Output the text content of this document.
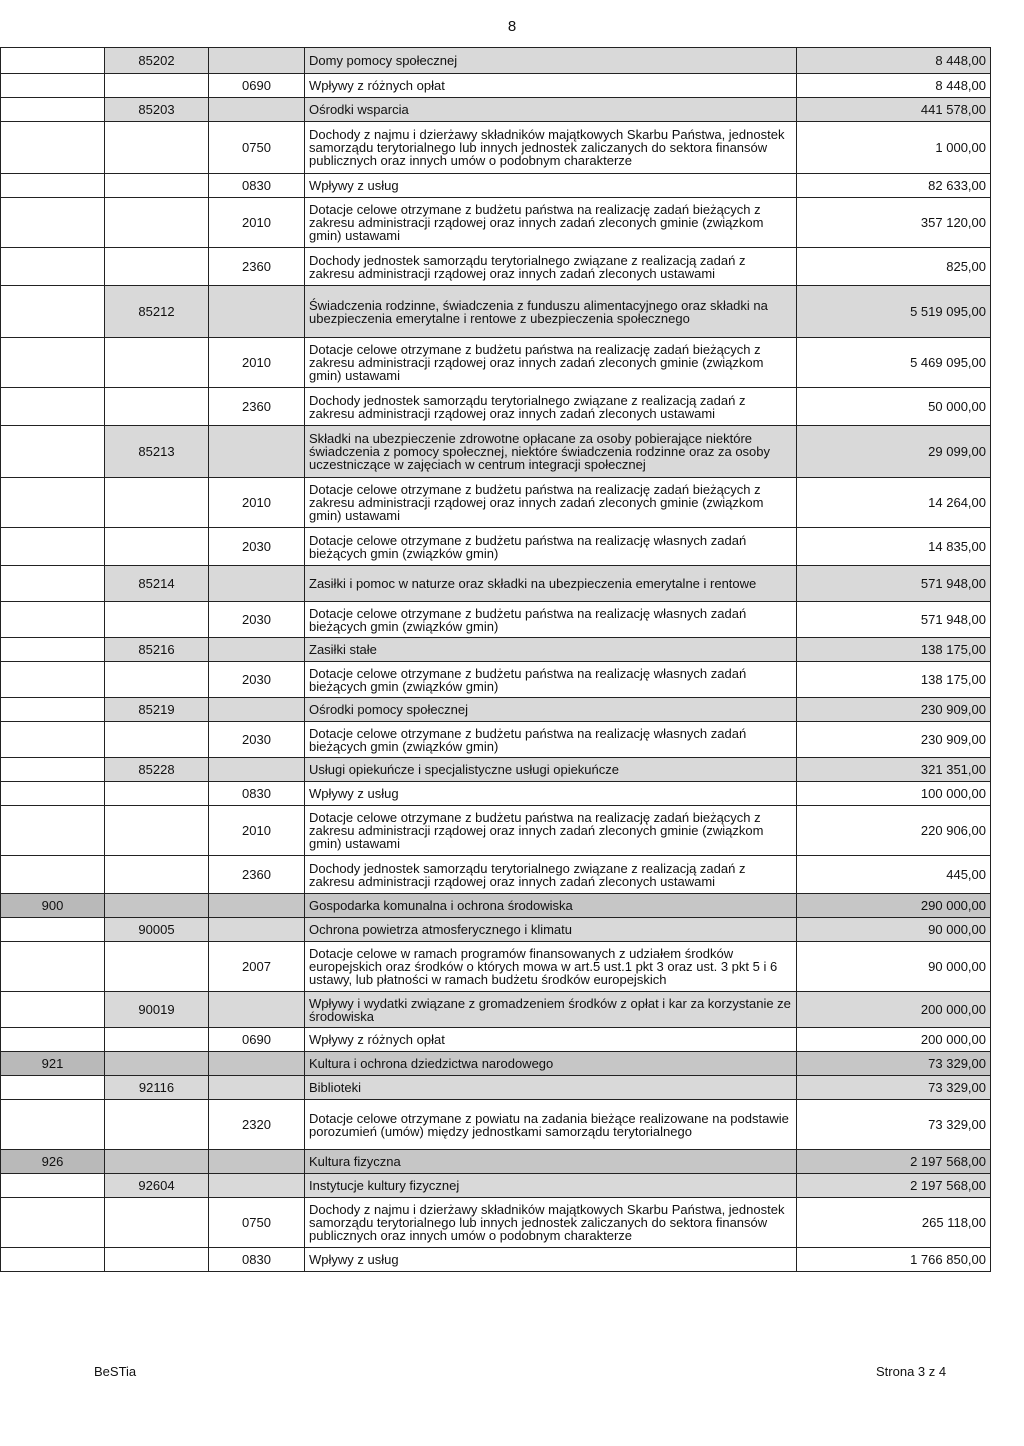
8
	85202		Domy pomocy społecznej	8 448,00
		0690	Wpływy z różnych opłat	8 448,00
	85203		Ośrodki wsparcia	441 578,00
		0750	Dochody z najmu i dzierżawy składników majątkowych Skarbu Państwa, jednostek samorządu terytorialnego lub innych jednostek zaliczanych do sektora finansów publicznych oraz innych umów o podobnym charakterze	1 000,00
		0830	Wpływy z usług	82 633,00
		2010	Dotacje celowe otrzymane z budżetu państwa na realizację zadań bieżących z zakresu administracji rządowej oraz innych zadań zleconych gminie (związkom gmin) ustawami	357 120,00
		2360	Dochody jednostek samorządu terytorialnego związane z realizacją zadań z zakresu administracji rządowej oraz innych zadań zleconych ustawami	825,00
	85212		Świadczenia rodzinne, świadczenia z funduszu alimentacyjnego oraz składki na ubezpieczenia emerytalne i rentowe z ubezpieczenia społecznego	5 519 095,00
		2010	Dotacje celowe otrzymane z budżetu państwa na realizację zadań bieżących z zakresu administracji rządowej oraz innych zadań zleconych gminie (związkom gmin) ustawami	5 469 095,00
		2360	Dochody jednostek samorządu terytorialnego związane z realizacją zadań z zakresu administracji rządowej oraz innych zadań zleconych ustawami	50 000,00
	85213		Składki na ubezpieczenie zdrowotne opłacane za osoby pobierające niektóre świadczenia z pomocy społecznej, niektóre świadczenia rodzinne oraz za osoby uczestniczące w zajęciach w centrum integracji społecznej	29 099,00
		2010	Dotacje celowe otrzymane z budżetu państwa na realizację zadań bieżących z zakresu administracji rządowej oraz innych zadań zleconych gminie (związkom gmin) ustawami	14 264,00
		2030	Dotacje celowe otrzymane z budżetu państwa na realizację własnych zadań bieżących gmin (związków gmin)	14 835,00
	85214		Zasiłki i pomoc w naturze oraz składki na ubezpieczenia emerytalne i rentowe	571 948,00
		2030	Dotacje celowe otrzymane z budżetu państwa na realizację własnych zadań bieżących gmin (związków gmin)	571 948,00
	85216		Zasiłki stałe	138 175,00
		2030	Dotacje celowe otrzymane z budżetu państwa na realizację własnych zadań bieżących gmin (związków gmin)	138 175,00
	85219		Ośrodki pomocy społecznej	230 909,00
		2030	Dotacje celowe otrzymane z budżetu państwa na realizację własnych zadań bieżących gmin (związków gmin)	230 909,00
	85228		Usługi opiekuńcze i specjalistyczne usługi opiekuńcze	321 351,00
		0830	Wpływy z usług	100 000,00
		2010	Dotacje celowe otrzymane z budżetu państwa na realizację zadań bieżących z zakresu administracji rządowej oraz innych zadań zleconych gminie (związkom gmin) ustawami	220 906,00
		2360	Dochody jednostek samorządu terytorialnego związane z realizacją zadań z zakresu administracji rządowej oraz innych zadań zleconych ustawami	445,00
900			Gospodarka komunalna i ochrona środowiska	290 000,00
	90005		Ochrona powietrza atmosferycznego i klimatu	90 000,00
		2007	Dotacje celowe w ramach programów finansowanych z udziałem środków europejskich oraz środków o których mowa w art.5 ust.1 pkt 3 oraz ust. 3 pkt 5 i 6 ustawy, lub płatności w ramach budżetu środków europejskich	90 000,00
	90019		Wpływy i wydatki związane z gromadzeniem środków z opłat i kar za korzystanie ze środowiska	200 000,00
		0690	Wpływy z różnych opłat	200 000,00
921			Kultura i ochrona dziedzictwa narodowego	73 329,00
	92116		Biblioteki	73 329,00
		2320	Dotacje celowe otrzymane z powiatu na zadania bieżące realizowane na podstawie porozumień (umów) między jednostkami samorządu terytorialnego	73 329,00
926			Kultura fizyczna	2 197 568,00
	92604		Instytucje kultury fizycznej	2 197 568,00
		0750	Dochody z najmu i dzierżawy składników majątkowych Skarbu Państwa, jednostek samorządu terytorialnego lub innych jednostek zaliczanych do sektora finansów publicznych oraz innych umów o podobnym charakterze	265 118,00
		0830	Wpływy z usług	1 766 850,00
BeSTia	Strona 3 z 4
